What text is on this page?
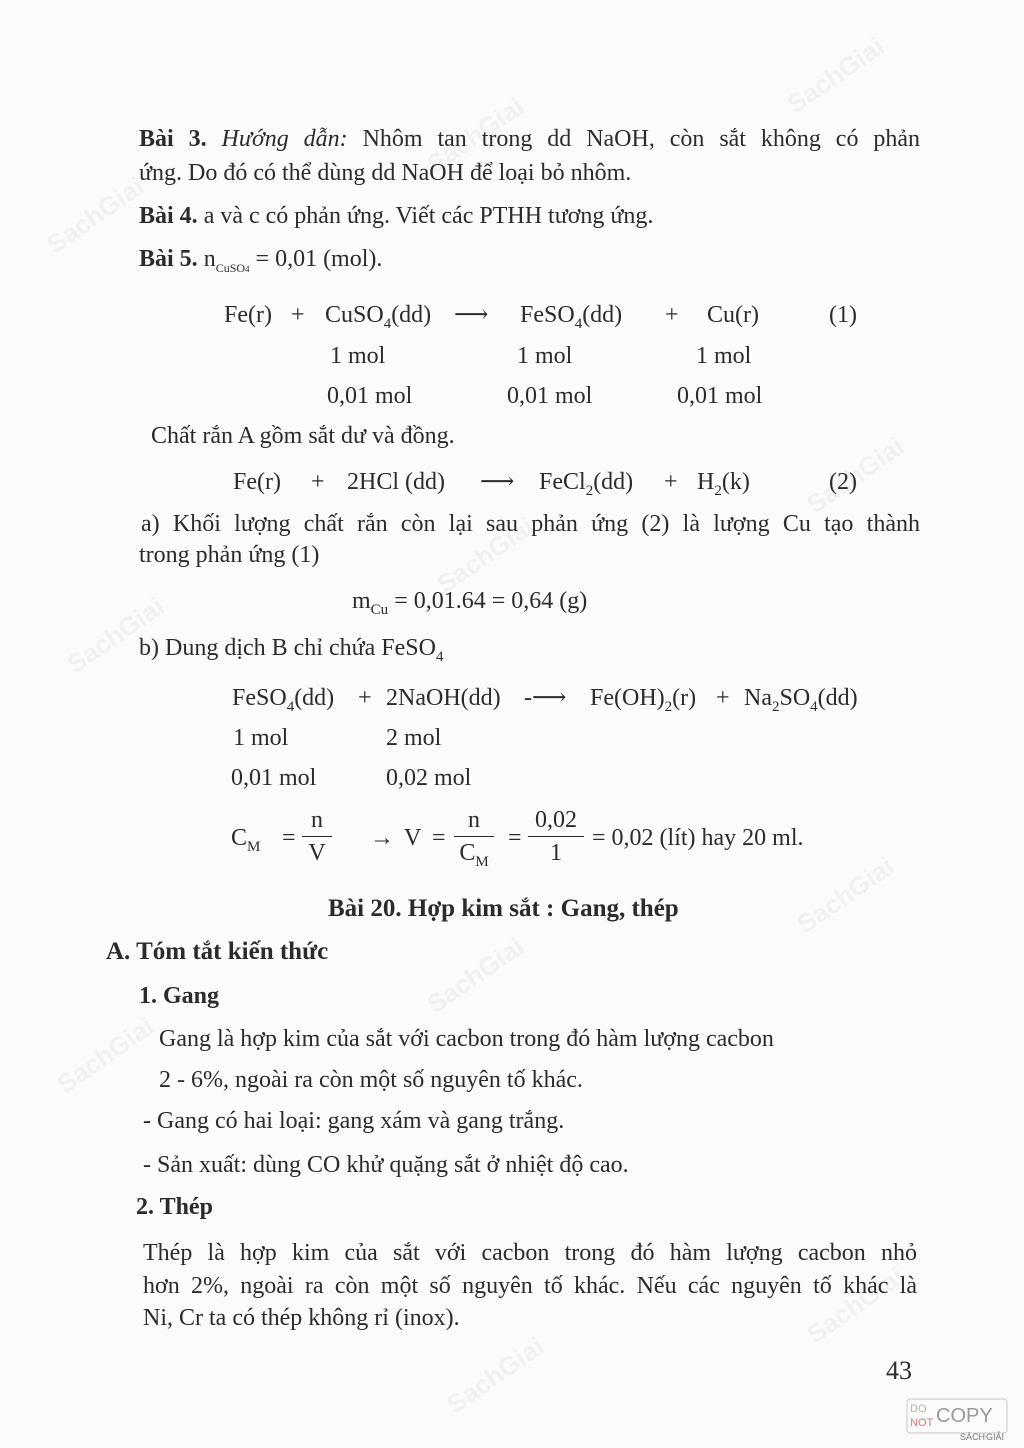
Bài 3. Hướng dẫn: Nhôm tan trong dd NaOH, còn sắt không có phản
ứng. Do đó có thể dùng dd NaOH để loại bỏ nhôm.
Bài 4. a và c có phản ứng. Viết các PTHH tương ứng.
Bài 5. $n_{CuSO4} = 0,01$ (mol).
Fe(r) + CuSO$_4$(dd) ⟶ FeSO$_4$(dd) + Cu(r)	(1)
1 mol	1 mol	1 mol
0,01 mol	0,01 mol	0,01 mol
Chất rắn A gồm sắt dư và đồng.
Fe(r) + 2HCl (dd) ⟶ FeCl$_2$(dd) + $H_2(k)$	(2)
a) Khối lượng chất rắn còn lại sau phản ứng (2) là lượng Cu tạo thành
trong phản ứng (1)
$m_{Cu} = 0,01.64 = 0,64$ (g)
b) Dung dịch B chỉ chứa FeSO$_4$
FeSO$_4$(dd) + 2NaOH(dd) -⟶ $Fe(OH)_2(r) + Na_2SO_4(dd)$
1 mol	2 mol
0,01 mol	0,02 mol
$C_M$ =
n
V
→ V =
n
$C_M$
=
0,02
1
= 0,02 (lít) hay 20 ml.
Bài 20. Hợp kim sắt : Gang, thép
A. Tóm tắt kiến thức
1. Gang
Gang là hợp kim của sắt với cacbon trong đó hàm lượng cacbon
2 - 6%, ngoài ra còn một số nguyên tố khác.
- Gang có hai loại: gang xám và gang trắng.
- Sản xuất: dùng CO khử quặng sắt ở nhiệt độ cao.
2. Thép
Thép là hợp kim của sắt với cacbon trong đó hàm lượng cacbon nhỏ
hơn 2%, ngoài ra còn một số nguyên tố khác. Nếu các nguyên tố khác là
Ni, Cr ta có thép không rỉ (inox).
43
DO
NOT COPY
SÁCH GIẢI
